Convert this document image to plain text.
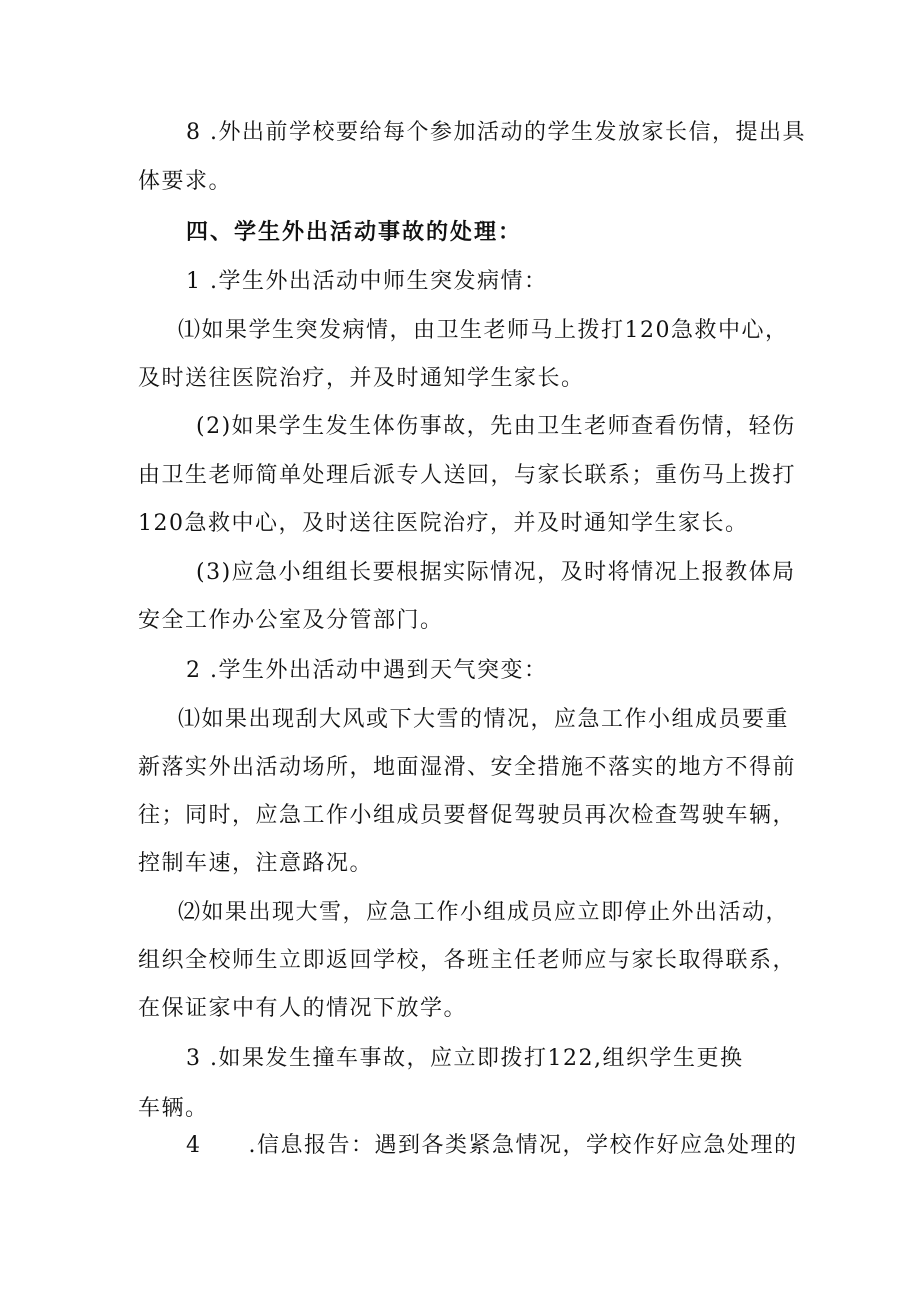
8 .外出前学校要给每个参加活动的学生发放家长信，提出具
体要求。
四、学生外出活动事故的处理：
1 .学生外出活动中师生突发病情：
⑴如果学生突发病情，由卫生老师马上拨打120急救中心，
及时送往医院治疗，并及时通知学生家长。
(2)如果学生发生体伤事故，先由卫生老师查看伤情，轻伤
由卫生老师简单处理后派专人送回，与家长联系；重伤马上拨打
120急救中心，及时送往医院治疗，并及时通知学生家长。
(3)应急小组组长要根据实际情况，及时将情况上报教体局
安全工作办公室及分管部门。
2 .学生外出活动中遇到天气突变：
⑴如果出现刮大风或下大雪的情况，应急工作小组成员要重
新落实外出活动场所，地面湿滑、安全措施不落实的地方不得前
往；同时，应急工作小组成员要督促驾驶员再次检查驾驶车辆，
控制车速，注意路况。
⑵如果出现大雪，应急工作小组成员应立即停止外出活动，
组织全校师生立即返回学校，各班主任老师应与家长取得联系，
在保证家中有人的情况下放学。
3 .如果发生撞车事故，应立即拨打122,组织学生更换
车辆。
4　　.信息报告：遇到各类紧急情况，学校作好应急处理的
